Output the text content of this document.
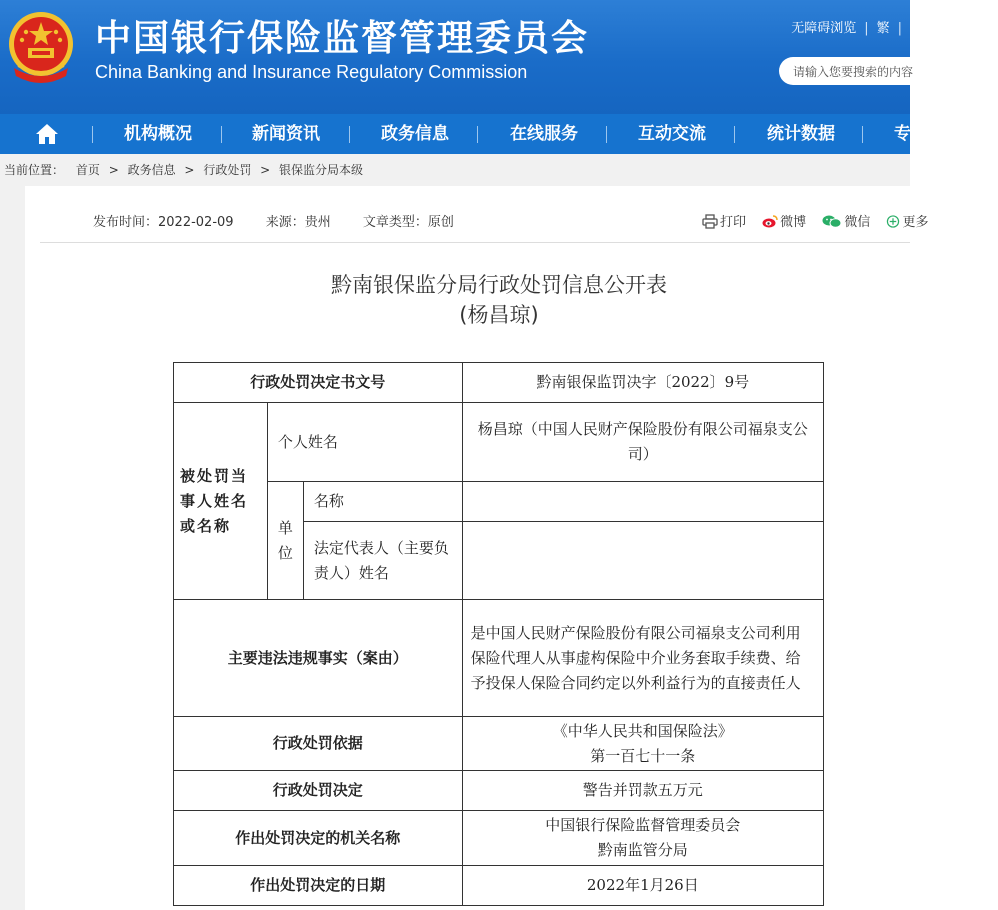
中国银行保险监督管理委员会
China Banking and Insurance Regulatory Commission
无障碍浏览 | 繁 |
请输入您要搜索的内容
机构概况	新闻资讯	政务信息	在线服务	互动交流	统计数据	专
当前位置： 首页 > 政务信息 > 行政处罚 > 银保监分局本级
发布时间：2022-02-09 来源：贵州 文章类型：原创	打印	微博	微信 更多
黔南银保监分局行政处罚信息公开表
(杨昌琼)
行政处罚决定书文号			黔南银保监罚决字〔2022〕9号
被处罚当事人姓名或名称	个人姓名		杨昌琼（中国人民财产保险股份有限公司福泉支公司）
	单位	名称	
		法定代表人（主要负责人）姓名	
主要违法违规事实（案由）			是中国人民财产保险股份有限公司福泉支公司利用保险代理人从事虚构保险中介业务套取手续费、给予投保人保险合同约定以外利益行为的直接责任人
行政处罚依据			《中华人民共和国保险法》
第一百七十一条

行政处罚决定			警告并罚款五万元
作出处罚决定的机关名称			中国银行保险监督管理委员会
黔南监管分局

作出处罚决定的日期			2022年1月26日
